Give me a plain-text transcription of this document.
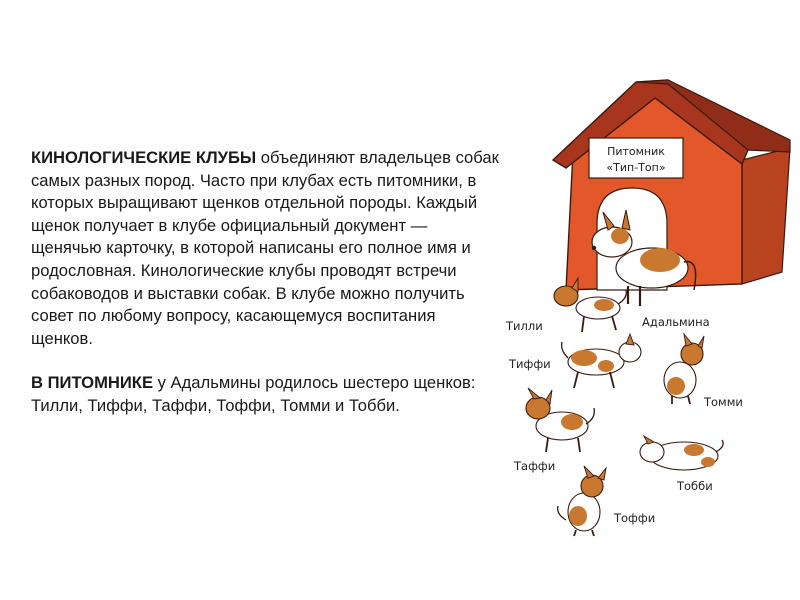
КИНОЛОГИЧЕСКИЕ КЛУБЫ объединяют владельцев собак самых разных пород. Часто при клубах есть питомники, в которых выращивают щенков отдельной породы. Каждый щенок получает в клубе официальный документ — щенячью карточку, в которой написаны его полное имя и родословная. Кинологические клубы проводят встречи собаководов и выставки собак. В клубе можно получить совет по любому вопросу, касающемуся воспитания щенков.

В ПИТОМНИКЕ у Адальмины родилось шестеро щенков: Тилли, Тиффи, Таффи, Тоффи, Томми и Тобби.

Питомник
«Тип-Топ»
Адальмина
Тилли
Тиффи
Томми
Таффи
Тобби
Тоффи
